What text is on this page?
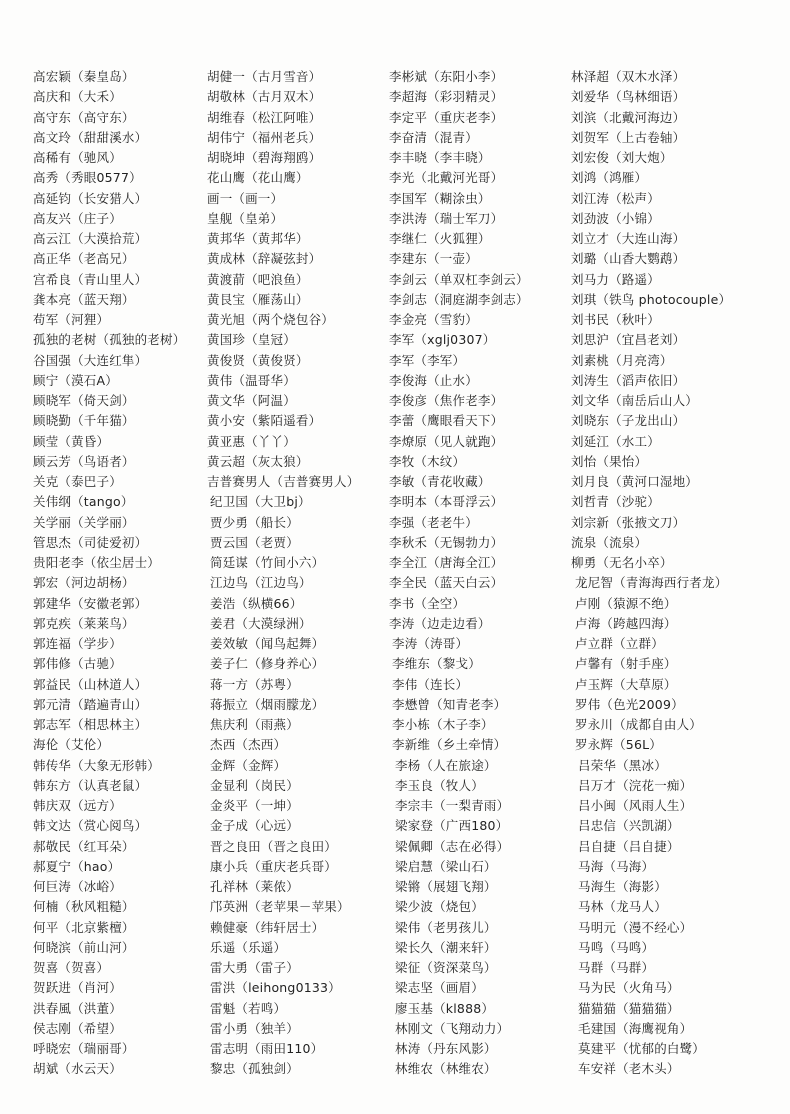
高宏颖（秦皇岛）
高庆和（大禾）
高守东（高守东）
高文玲（甜甜溪水）
高稀有（驰风）
高秀（秀眼0577）
高延钧（长安猎人）
高友兴（庄子）
高云江（大漠拾荒）
高正华（老高兄）
宫希良（青山里人）
龚本亮（蓝天翔）
苟军（河狸）
孤独的老树（孤独的老树）
谷国强（大连红隼）
顾宁（漠石A）
顾晓军（倚天剑）
顾晓勤（千年猫）
顾莹（黄昏）
顾云芳（鸟语者）
关克（泰巴子）
关伟纲（tango）
关学丽（关学丽）
管思杰（司徒爱初）
贵阳老李（依尘居士）
郭宏（河边胡杨）
郭建华（安徽老郭）
郭克疾（莱莱鸟）
郭连福（学步）
郭伟修（古驰）
郭益民（山林道人）
郭元清（踏遍青山）
郭志军（相思林主）
海伦（艾伦）
韩传华（大象无形韩）
韩东方（认真老鼠）
韩庆双（远方）
韩文达（赏心阅鸟）
郝敬民（红耳朵）
郝夏宁（hao）
何巨涛（冰峪）
何楠（秋风粗糙）
何平（北京紫檀）
何晓滨（前山河）
贺喜（贺喜）
贺跃进（肖河）
洪春風（洪董）
侯志刚（希望）
呼晓宏（瑞丽哥）
胡斌（水云天）
胡健一（古月雪音）
胡敬林（古月双木）
胡维春（松江阿唯）
胡伟宁（福州老兵）
胡晓坤（碧海翔鸥）
花山鹰（花山鹰）
画一（画一）
皇舰（皇弟）
黄邦华（黄邦华）
黄成林（辞凝弦封）
黄渡葥（吧浪鱼）
黄艮宝（雁荡山）
黄光旭（两个烧包谷）
黄国珍（皇冠）
黄俊贤（黄俊贤）
黄伟（温哥华）
黄文华（阿温）
黄小安（紫陌遥看）
黄亚惠（丫丫）
黄云超（灰太狼）
吉普赛男人（吉普赛男人）
纪卫国（大卫bj）
贾少勇（船长）
贾云国（老贾）
简廷谋（竹间小六）
江边鸟（江边鸟）
姜浩（纵横66）
姜君（大漠绿洲）
姜效敏（闻鸟起舞）
姜子仁（修身养心）
蒋一方（苏粤）
蒋振立（烟雨朦龙）
焦庆利（雨燕）
杰西（杰西）
金辉（金辉）
金显利（岗民）
金炎平（一坤）
金子成（心远）
晋之良田（晋之良田）
康小兵（重庆老兵哥）
孔祥林（莱侬）
邝英洲（老苹果－苹果）
赖健豪（纬轩居士）
乐遥（乐遥）
雷大勇（雷子）
雷洪（leihong0133）
雷魁（若鸣）
雷小勇（独羊）
雷志明（雨田110）
黎忠（孤独剑）
李彬斌（东阳小李）
李超海（彩羽精灵）
李定平（重庆老李）
李奋清（混青）
李丰晓（李丰晓）
李光（北戴河光哥）
李国军（糊涂虫）
李洪涛（瑞士军刀）
李继仁（火狐狸）
李建东（一壶）
李剑云（单双杠李剑云）
李剑志（洞庭湖李剑志）
李金亮（雪豹）
李军（xglj0307）
李军（李军）
李俊海（止水）
李俊彦（焦作老李）
李蕾（鹰眼看天下）
李燎原（见人就跑）
李牧（木纹）
李敏（青花收藏）
李明本（本哥浮云）
李强（老老牛）
李秋禾（无锡勃力）
李全江（唐海全江）
李全民（蓝天白云）
李书（全空）
李涛（边走边看）
李涛（涛哥）
李维东（黎戈）
李伟（连长）
李懋曾（知青老李）
李小栋（木子李）
李新维（乡土牵情）
李杨（人在旅途）
李玉良（牧人）
李宗丰（一梨青雨）
梁家登（广西180）
梁佩卿（志在必得）
梁启慧（梁山石）
梁锵（展翅飞翔）
梁少波（烧包）
梁伟（老男孩儿）
梁长久（潮来轩）
梁征（资深菜鸟）
梁志坚（画眉）
廖玉基（kl888）
林刚文（飞翔动力）
林涛（丹东风影）
林维农（林维农）
林泽超（双木水泽）
刘爱华（鸟林细语）
刘滨（北戴河海边）
刘贺军（上古卷轴）
刘宏俊（刘大炮）
刘鸿（鸿雁）
刘江涛（松声）
刘劲波（小锦）
刘立才（大连山海）
刘璐（山香大鹦鹉）
刘马力（路遥）
刘琪（铁鸟 photocouple）
刘书民（秋叶）
刘思沪（宜昌老刘）
刘素桃（月亮湾）
刘涛生（滔声依旧）
刘文华（南岳后山人）
刘晓东（子龙出山）
刘延江（水工）
刘怡（果怡）
刘月良（黄河口湿地）
刘哲青（沙驼）
刘宗新（张掖文刀）
流泉（流泉）
柳勇（无名小卒）
龙尼智（青海海西行者龙）
卢刚（猿源不绝）
卢海（跨越四海）
卢立群（立群）
卢馨有（射手座）
卢玉辉（大草原）
罗伟（色光2009）
罗永川（成都自由人）
罗永辉（56L）
吕荣华（黑冰）
吕万才（浣花一痴）
吕小闽（风雨人生）
吕忠信（兴凯湖）
吕自捷（吕自捷）
马海（马海）
马海生（海影）
马林（龙马人）
马明元（漫不经心）
马鸣（马鸣）
马群（马群）
马为民（火角马）
猫猫猫（猫猫猫）
毛建国（海鹰视角）
莫建平（忧郁的白鹭）
车安祥（老木头）
